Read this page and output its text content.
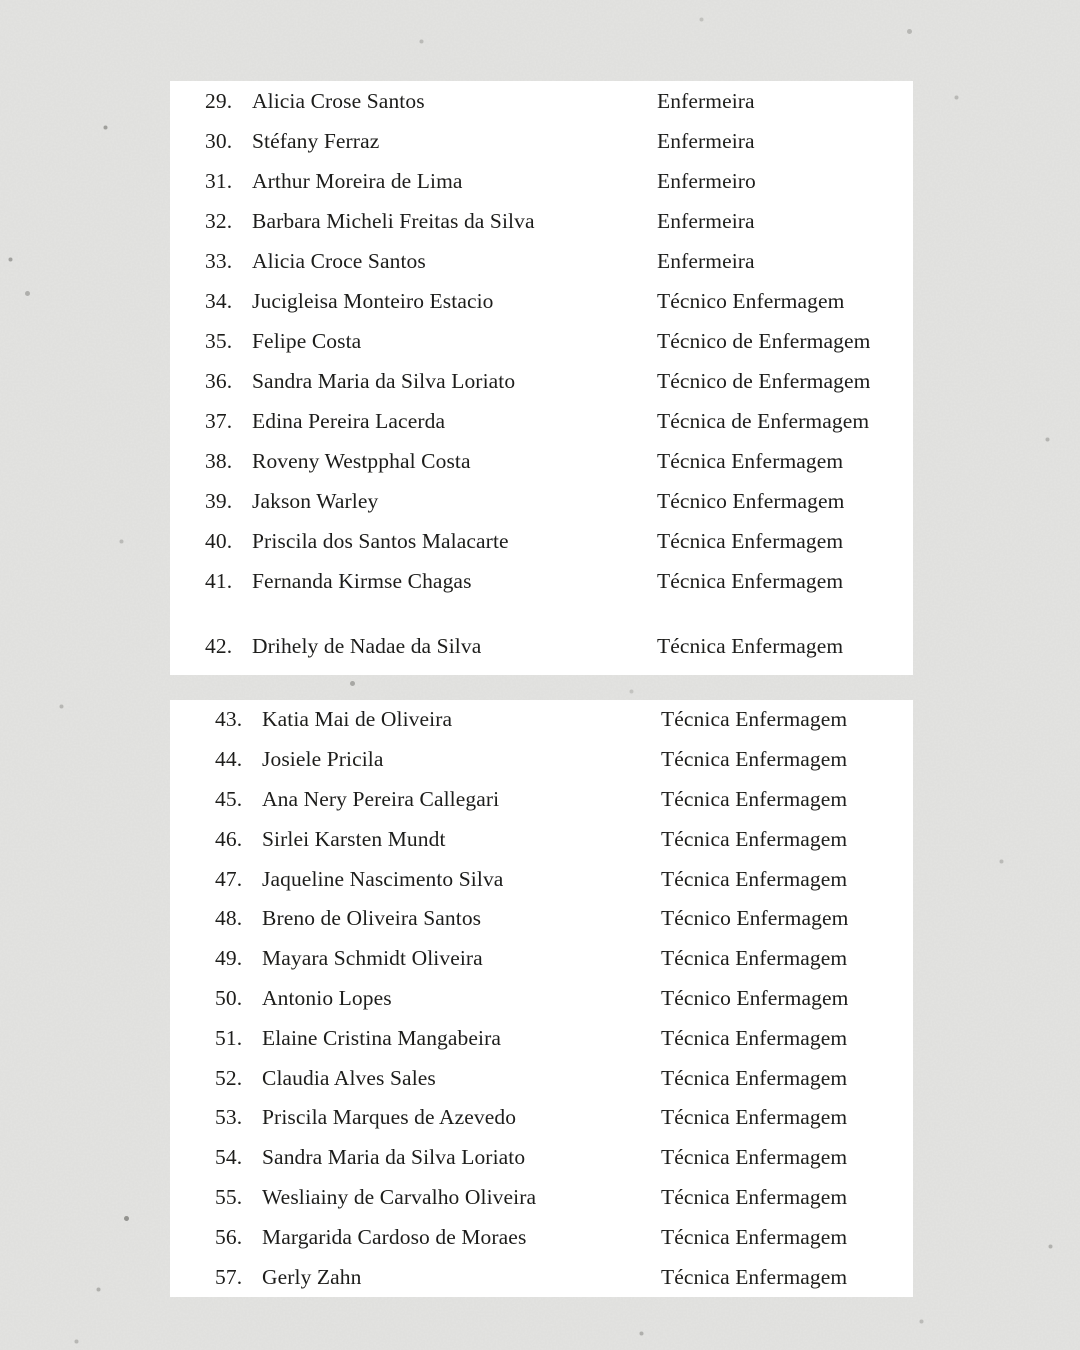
29. Alicia Crose Santos	Enfermeira
30. Stéfany Ferraz	Enfermeira
31. Arthur Moreira de Lima	Enfermeiro
32. Barbara Micheli Freitas da Silva	Enfermeira
33. Alicia Croce Santos	Enfermeira
34. Jucigleisa Monteiro Estacio	Técnico Enfermagem
35. Felipe Costa	Técnico de Enfermagem
36. Sandra Maria da Silva Loriato	Técnico de Enfermagem
37. Edina Pereira Lacerda	Técnica de Enfermagem
38. Roveny Westpphal Costa	Técnica Enfermagem
39. Jakson Warley	Técnico Enfermagem
40. Priscila dos Santos Malacarte	Técnica Enfermagem
41. Fernanda Kirmse Chagas	Técnica Enfermagem
42. Drihely de Nadae da Silva	Técnica Enfermagem
43. Katia Mai de Oliveira	Técnica Enfermagem
44. Josiele Pricila	Técnica Enfermagem
45. Ana Nery Pereira Callegari	Técnica Enfermagem
46. Sirlei Karsten Mundt	Técnica Enfermagem
47. Jaqueline Nascimento Silva	Técnica Enfermagem
48. Breno de Oliveira Santos	Técnico Enfermagem
49. Mayara Schmidt Oliveira	Técnica Enfermagem
50. Antonio Lopes	Técnico Enfermagem
51. Elaine Cristina Mangabeira	Técnica Enfermagem
52. Claudia Alves Sales	Técnica Enfermagem
53. Priscila Marques de Azevedo	Técnica Enfermagem
54. Sandra Maria da Silva Loriato	Técnica Enfermagem
55. Wesliainy de Carvalho Oliveira	Técnica Enfermagem
56. Margarida Cardoso de Moraes	Técnica Enfermagem
57. Gerly Zahn	Técnica Enfermagem
